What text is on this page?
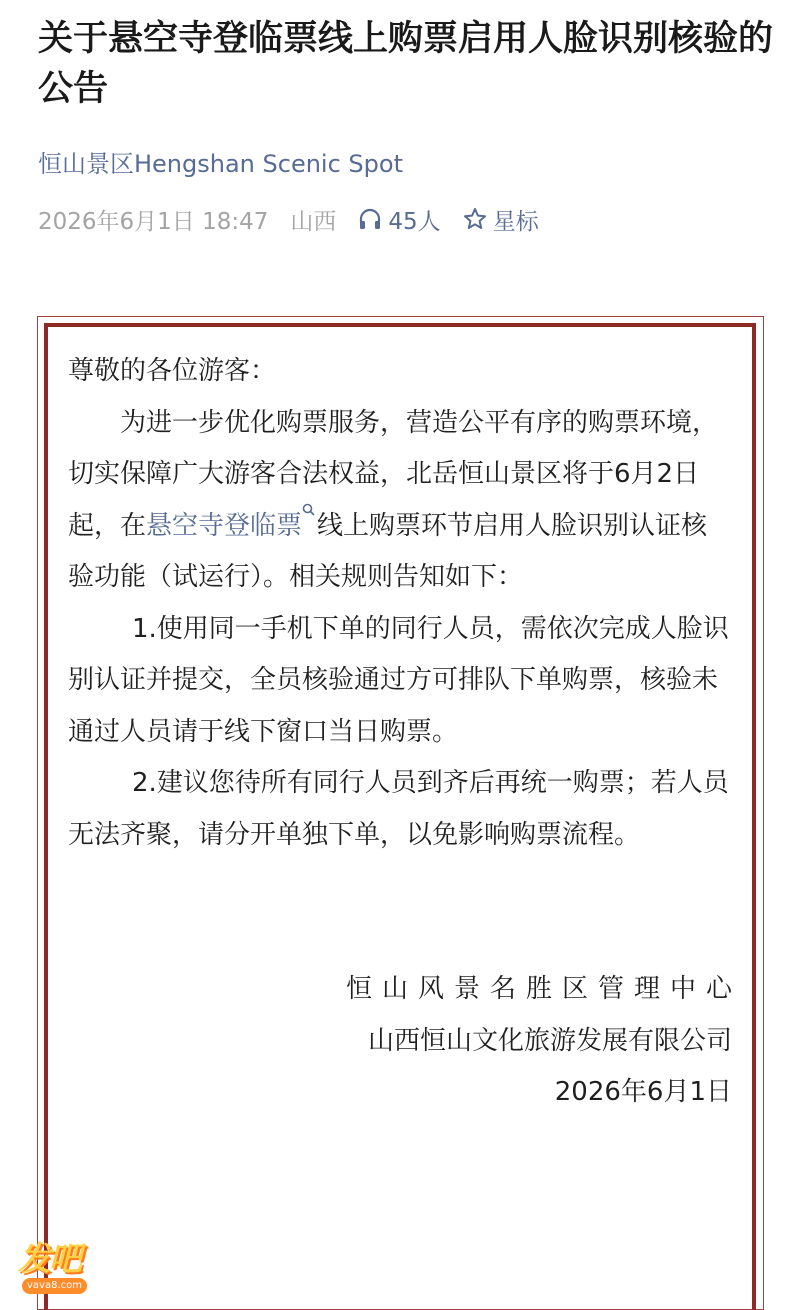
关于悬空寺登临票线上购票启用人脸识别核验的公告
恒山景区Hengshan Scenic Spot
2026年6月1日 18:47 山西 45人 星标

尊敬的各位游客：

为进一步优化购票服务，营造公平有序的购票环境，切实保障广大游客合法权益，北岳恒山景区将于6月2日起，在悬空寺登临票 线上购票环节启用人脸识别认证核验功能（试运行）。相关规则告知如下：

1.使用同一手机下单的同行人员，需依次完成人脸识别认证并提交，全员核验通过方可排队下单购票，核验未通过人员请于线下窗口当日购票。

2.建议您待所有同行人员到齐后再统一购票；若人员无法齐聚，请分开单独下单，以免影响购票流程。

恒山风景名胜区管理中心

山西恒山文化旅游发展有限公司

2026年6月1日

发吧
vava8.com
